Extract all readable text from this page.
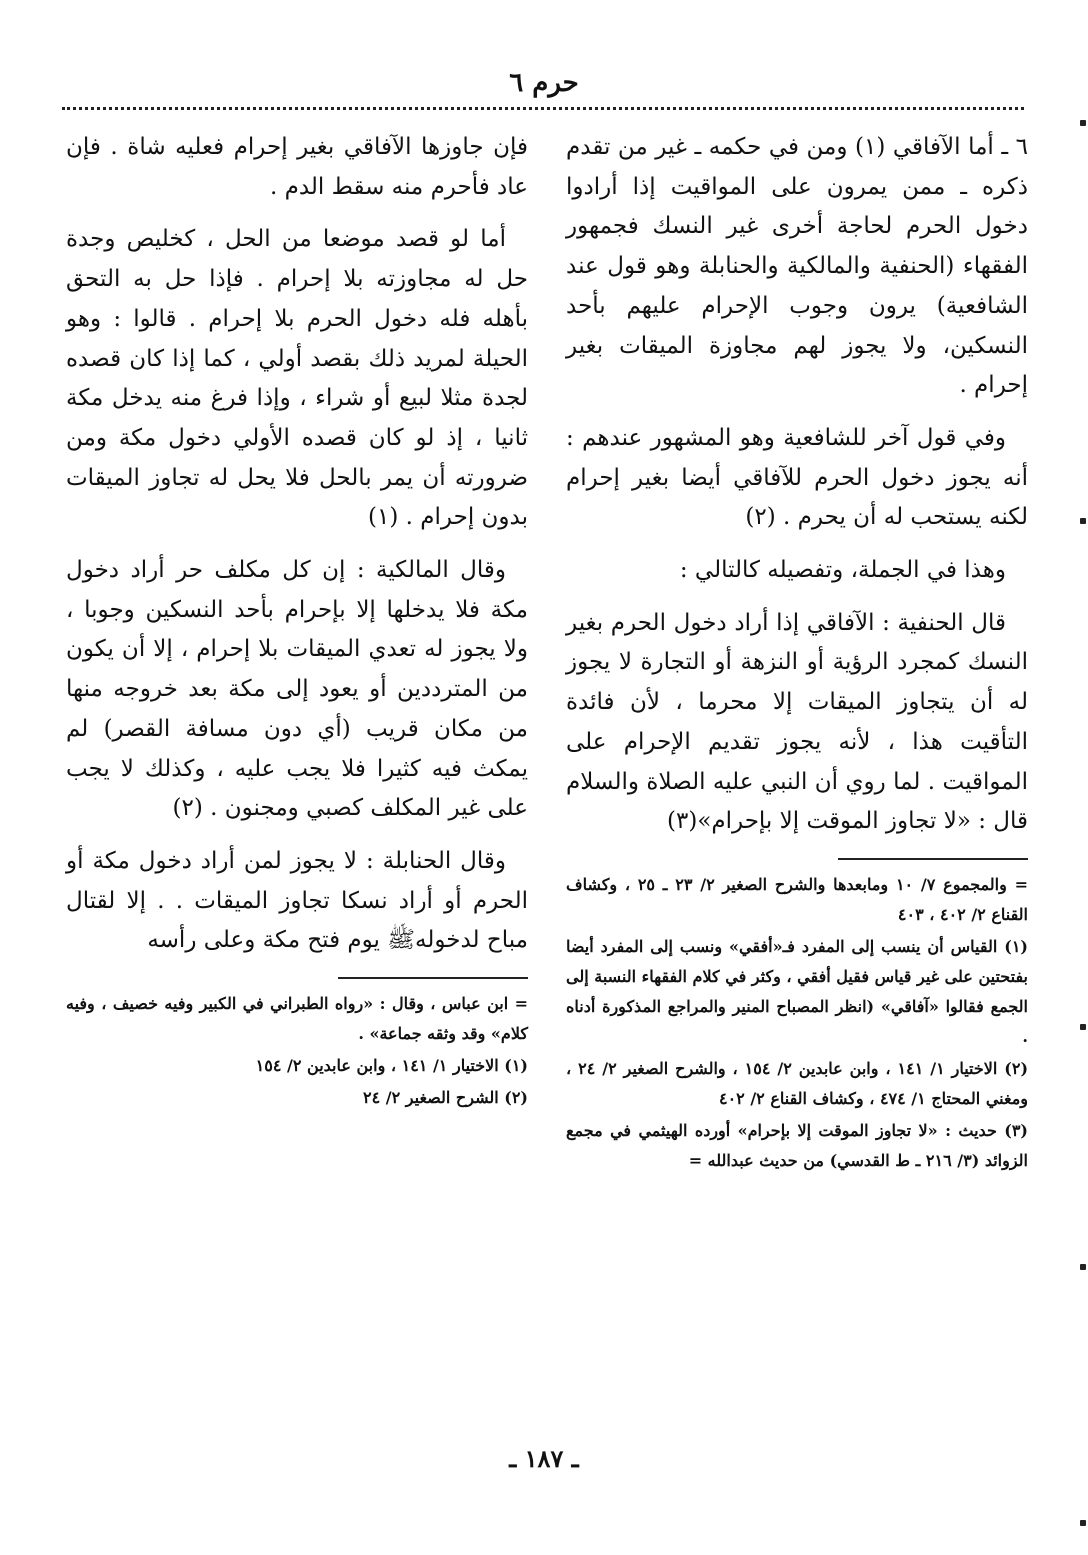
حرم ٦

٦ ـ أما الآفاقي (١) ومن في حكمه ـ غير من تقدم ذكره ـ ممن يمرون على المواقيت إذا أرادوا دخول الحرم لحاجة أخرى غير النسك فجمهور الفقهاء (الحنفية والمالكية والحنابلة وهو قول عند الشافعية) يرون وجوب الإحرام عليهم بأحد النسكين، ولا يجوز لهم مجاوزة الميقات بغير إحرام .

وفي قول آخر للشافعية وهو المشهور عندهم : أنه يجوز دخول الحرم للآفاقي أيضا بغير إحرام لكنه يستحب له أن يحرم . (٢)

وهذا في الجملة، وتفصيله كالتالي :

قال الحنفية : الآفاقي إذا أراد دخول الحرم بغير النسك كمجرد الرؤية أو النزهة أو التجارة لا يجوز له أن يتجاوز الميقات إلا محرما ، لأن فائدة التأقيت هذا ، لأنه يجوز تقديم الإحرام على المواقيت . لما روي أن النبي عليه الصلاة والسلام قال : «لا تجاوز الموقت إلا بإحرام»(٣)

= والمجموع ٧/ ١٠ ومابعدها والشرح الصغير ٢/ ٢٣ ـ ٢٥ ، وكشاف القناع ٢/ ٤٠٢ ، ٤٠٣

(١) القياس أن ينسب إلى المفرد فـ«أفقي» ونسب إلى المفرد أيضا بفتحتين على غير قياس فقيل أفقي ، وكثر في كلام الفقهاء النسبة إلى الجمع فقالوا «آفاقي» (انظر المصباح المنير والمراجع المذكورة أدناه .

(٢) الاختيار ١/ ١٤١ ، وابن عابدين ٢/ ١٥٤ ، والشرح الصغير ٢/ ٢٤ ، ومغني المحتاج ١/ ٤٧٤ ، وكشاف القناع ٢/ ٤٠٢

(٣) حديث : «لا تجاوز الموقت إلا بإحرام» أورده الهيثمي في مجمع الزوائد (٣/ ٢١٦ ـ ط القدسي) من حديث عبدالله =

فإن جاوزها الآفاقي بغير إحرام فعليه شاة . فإن عاد فأحرم منه سقط الدم .

أما لو قصد موضعا من الحل ، كخليص وجدة حل له مجاوزته بلا إحرام . فإذا حل به التحق بأهله فله دخول الحرم بلا إحرام . قالوا : وهو الحيلة لمريد ذلك بقصد أولي ، كما إذا كان قصده لجدة مثلا لبيع أو شراء ، وإذا فرغ منه يدخل مكة ثانيا ، إذ لو كان قصده الأولي دخول مكة ومن ضرورته أن يمر بالحل فلا يحل له تجاوز الميقات بدون إحرام . (١)

وقال المالكية : إن كل مكلف حر أراد دخول مكة فلا يدخلها إلا بإحرام بأحد النسكين وجوبا ، ولا يجوز له تعدي الميقات بلا إحرام ، إلا أن يكون من المترددين أو يعود إلى مكة بعد خروجه منها من مكان قريب (أي دون مسافة القصر) لم يمكث فيه كثيرا فلا يجب عليه ، وكذلك لا يجب على غير المكلف كصبي ومجنون . (٢)

وقال الحنابلة : لا يجوز لمن أراد دخول مكة أو الحرم أو أراد نسكا تجاوز الميقات . . إلا لقتال مباح لدخولهﷺ يوم فتح مكة وعلى رأسه

= ابن عباس ، وقال : «رواه الطبراني في الكبير وفيه خصيف ، وفيه كلام» وقد وثقه جماعة» .

(١) الاختيار ١/ ١٤١ ، وابن عابدين ٢/ ١٥٤

(٢) الشرح الصغير ٢/ ٢٤

ـ ١٨٧ ـ
